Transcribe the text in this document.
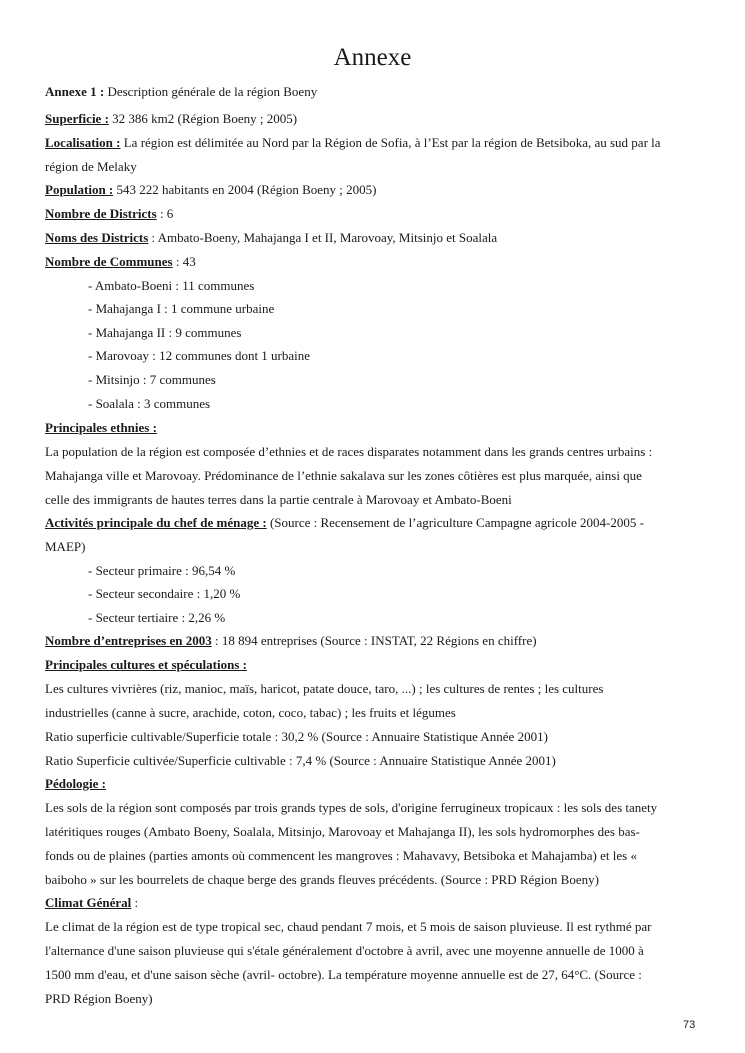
Annexe
Annexe 1 : Description générale de la région Boeny
Superficie : 32 386 km2 (Région Boeny ; 2005)
Localisation : La région est délimitée au Nord par la Région de Sofia, à l’Est par la région de Betsiboka, au sud par la
région de Melaky
Population : 543 222 habitants en 2004 (Région Boeny ; 2005)
Nombre de Districts : 6
Noms des Districts : Ambato-Boeny, Mahajanga I et II, Marovoay, Mitsinjo et Soalala
Nombre de Communes : 43
- Ambato-Boeni : 11 communes
- Mahajanga I : 1 commune urbaine
- Mahajanga II : 9 communes
- Marovoay : 12 communes dont 1 urbaine
- Mitsinjo : 7 communes
- Soalala : 3 communes
Principales ethnies :
La population de la région est composée d’ethnies et de races disparates notamment dans les grands centres urbains :
Mahajanga ville et Marovoay. Prédominance de l’ethnie sakalava sur les zones côtières est plus marquée, ainsi que
celle des immigrants de hautes terres dans la partie centrale à Marovoay et Ambato-Boeni
Activités principale du chef de ménage : (Source : Recensement de l’agriculture Campagne agricole 2004-2005 -
MAEP)
- Secteur primaire : 96,54 %
- Secteur secondaire : 1,20 %
- Secteur tertiaire : 2,26 %
Nombre d’entreprises en 2003 : 18 894 entreprises (Source : INSTAT, 22 Régions en chiffre)
Principales cultures et spéculations :
Les cultures vivrières (riz, manioc, maïs, haricot, patate douce, taro, ...) ; les cultures de rentes ; les cultures
industrielles (canne à sucre, arachide, coton, coco, tabac) ; les fruits et légumes
Ratio superficie cultivable/Superficie totale : 30,2 % (Source : Annuaire Statistique Année 2001)
Ratio Superficie cultivée/Superficie cultivable : 7,4 % (Source : Annuaire Statistique Année 2001)
Pédologie :
Les sols de la région sont composés par trois grands types de sols, d'origine ferrugineux tropicaux : les sols des tanety
latéritiques rouges (Ambato Boeny, Soalala, Mitsinjo, Marovoay et Mahajanga II), les sols hydromorphes des bas-
fonds ou de plaines (parties amonts où commencent les mangroves : Mahavavy, Betsiboka et Mahajamba) et les «
baiboho » sur les bourrelets de chaque berge des grands fleuves précédents. (Source : PRD Région Boeny)
Climat Général :
Le climat de la région est de type tropical sec, chaud pendant 7 mois, et 5 mois de saison pluvieuse. Il est rythmé par
l'alternance d'une saison pluvieuse qui s'étale généralement d'octobre à avril, avec une moyenne annuelle de 1000 à
1500 mm d'eau, et d'une saison sèche (avril- octobre). La température moyenne annuelle est de 27, 64°C. (Source :
PRD Région Boeny)
73
